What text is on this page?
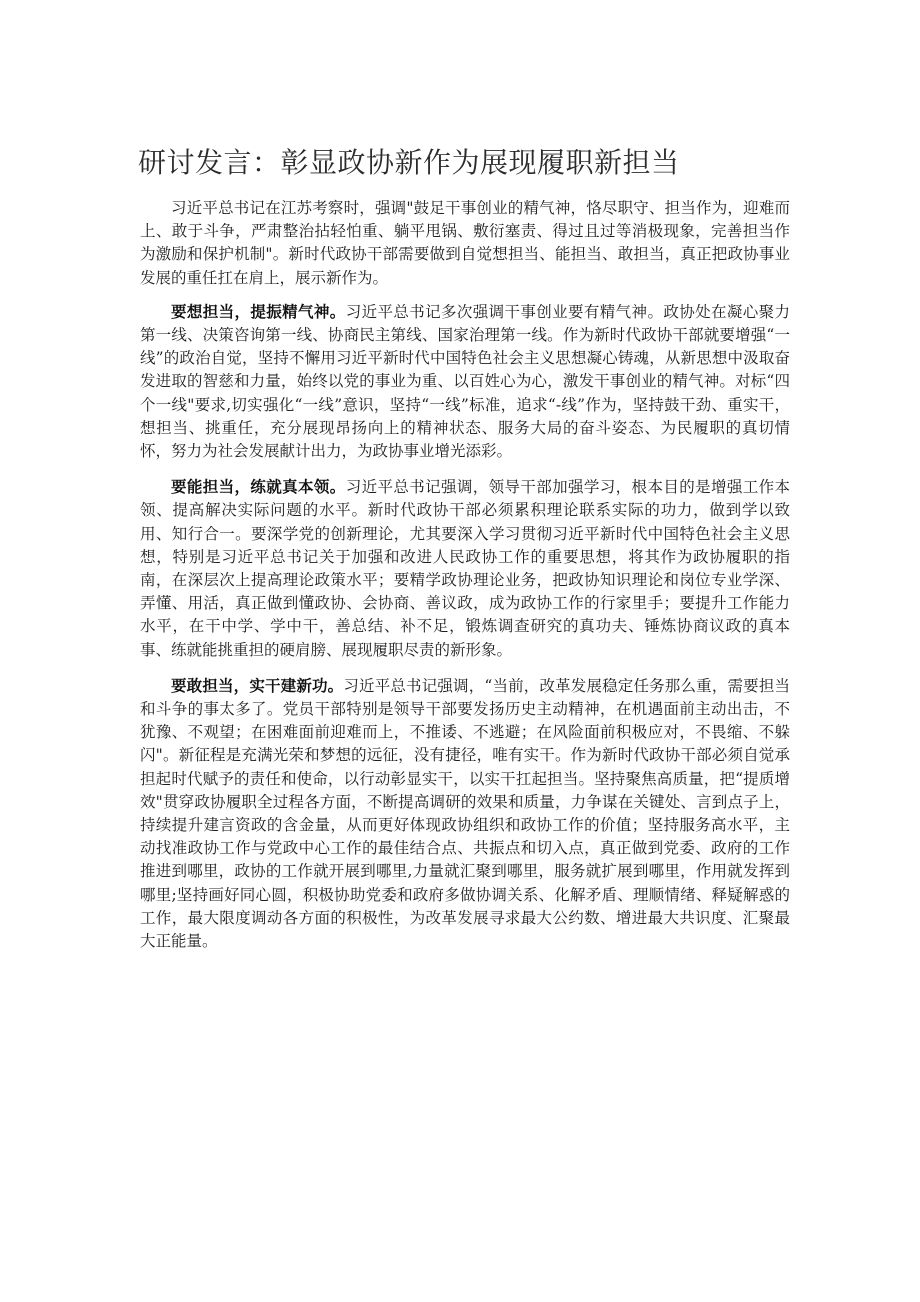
研讨发言：彰显政协新作为展现履职新担当

习近平总书记在江苏考察时，强调"鼓足干事创业的精气神，恪尽职守、担当作为，迎难而上、敢于斗争，严肃整治拈轻怕重、躺平甩锅、敷衍塞责、得过且过等消极现象，完善担当作为激励和保护机制"。新时代政协干部需要做到自觉想担当、能担当、敢担当，真正把政协事业发展的重任扛在肩上，展示新作为。

要想担当，提振精气神。习近平总书记多次强调干事创业要有精气神。政协处在凝心聚力第一线、决策咨询第一线、协商民主第线、国家治理第一线。作为新时代政协干部就要增强“一线”的政治自觉，坚持不懈用习近平新时代中国特色社会主义思想凝心铸魂，从新思想中汲取奋发进取的智慈和力量，始终以党的事业为重、以百姓心为心，激发干事创业的精气神。对标“四个一线"要求,切实强化“一线”意识，坚持“一线”标准，追求“-线”作为，坚持鼓干劲、重实干，想担当、挑重任，充分展现昂扬向上的精神状态、服务大局的奋斗姿态、为民履职的真切情怀，努力为社会发展献计出力，为政协事业增光添彩。

要能担当，练就真本领。习近平总书记强调，领导干部加强学习，根本目的是增强工作本领、提高解决实际问题的水平。新时代政协干部必须累积理论联系实际的功力，做到学以致用、知行合一。要深学党的创新理论，尤其要深入学习贯彻习近平新时代中国特色社会主义思想，特别是习近平总书记关于加强和改进人民政协工作的重要思想，将其作为政协履职的指南，在深层次上提高理论政策水平；要精学政协理论业务，把政协知识理论和岗位专业学深、弄懂、用活，真正做到懂政协、会协商、善议政，成为政协工作的行家里手；要提升工作能力水平，在干中学、学中干，善总结、补不足，锻炼调查研究的真功夫、锤炼协商议政的真本事、练就能挑重担的硬肩膀、展现履职尽责的新形象。

要敢担当，实干建新功。习近平总书记强调，“当前，改革发展稳定任务那么重，需要担当和斗争的事太多了。党员干部特别是领导干部要发扬历史主动精神，在机遇面前主动出击，不犹豫、不观望；在困难面前迎难而上，不推诿、不逃避；在风险面前积极应对，不畏缩、不躲闪"。新征程是充满光荣和梦想的远征，没有捷径，唯有实干。作为新时代政协干部必须自觉承担起时代赋予的责任和使命，以行动彰显实干，以实干扛起担当。坚持聚焦高质量，把“提质增效"贯穿政协履职全过程各方面，不断提高调研的效果和质量，力争谋在关键处、言到点子上，持续提升建言资政的含金量，从而更好体现政协组织和政协工作的价值；坚持服务高水平，主动找准政协工作与党政中心工作的最佳结合点、共振点和切入点，真正做到党委、政府的工作推进到哪里，政协的工作就开展到哪里,力量就汇聚到哪里，服务就扩展到哪里，作用就发挥到哪里;坚持画好同心圆，积极协助党委和政府多做协调关系、化解矛盾、理顺情绪、释疑解惑的工作，最大限度调动各方面的积极性，为改革发展寻求最大公约数、增进最大共识度、汇聚最大正能量。
